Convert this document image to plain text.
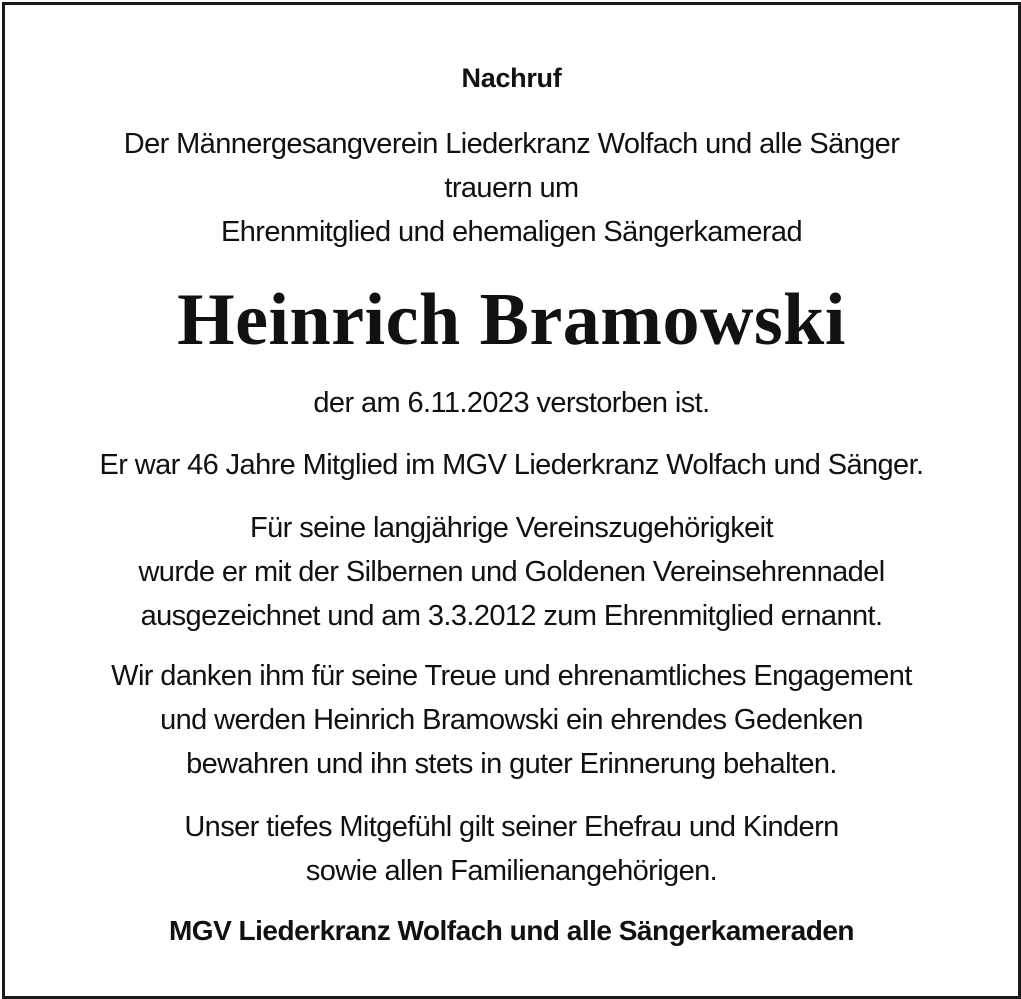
Nachruf
Der Männergesangverein Liederkranz Wolfach und alle Sänger
trauern um
Ehrenmitglied und ehemaligen Sängerkamerad
Heinrich Bramowski
der am 6.11.2023 verstorben ist.
Er war 46 Jahre Mitglied im MGV Liederkranz Wolfach und Sänger.
Für seine langjährige Vereinszugehörigkeit
wurde er mit der Silbernen und Goldenen Vereinsehrennadel
ausgezeichnet und am 3.3.2012 zum Ehrenmitglied ernannt.
Wir danken ihm für seine Treue und ehrenamtliches Engagement
und werden Heinrich Bramowski ein ehrendes Gedenken
bewahren und ihn stets in guter Erinnerung behalten.
Unser tiefes Mitgefühl gilt seiner Ehefrau und Kindern
sowie allen Familienangehörigen.
MGV Liederkranz Wolfach und alle Sängerkameraden
